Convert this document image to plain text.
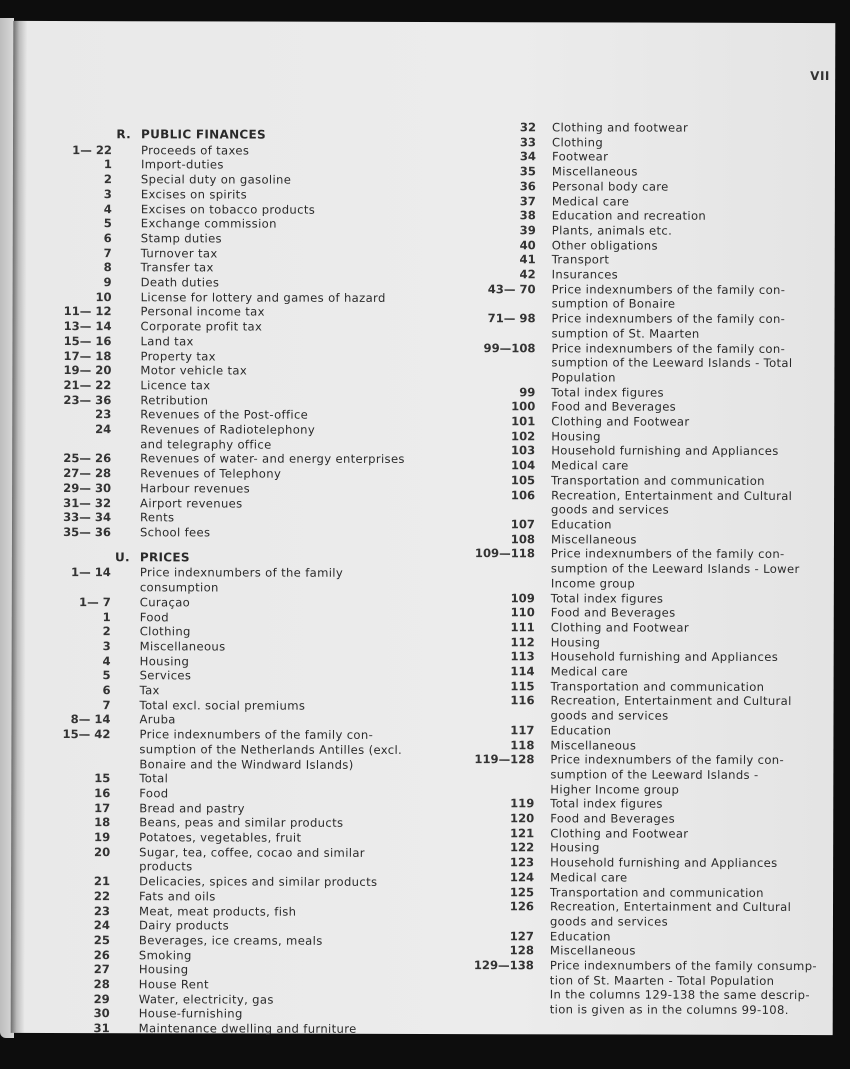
VII
R. PUBLIC FINANCES
1— 22	Proceeds of taxes
1	Import-duties
2	Special duty on gasoline
3	Excises on spirits
4	Excises on tobacco products
5	Exchange commission
6	Stamp duties
7	Turnover tax
8	Transfer tax
9	Death duties
10	License for lottery and games of hazard
11— 12	Personal income tax
13— 14	Corporate profit tax
15— 16	Land tax
17— 18	Property tax
19— 20	Motor vehicle tax
21— 22	Licence tax
23— 36	Retribution
23	Revenues of the Post-office
24	Revenues of Radiotelephony
and telegraphy office
25— 26	Revenues of water- and energy enterprises
27— 28	Revenues of Telephony
29— 30	Harbour revenues
31— 32	Airport revenues
33— 34	Rents
35— 36	School fees
U. PRICES
1— 14	Price indexnumbers of the family
consumption
1— 7	Curaçao
1	Food
2	Clothing
3	Miscellaneous
4	Housing
5	Services
6	Tax
7	Total excl. social premiums
8— 14	Aruba
15— 42	Price indexnumbers of the family con-
sumption of the Netherlands Antilles (excl.
Bonaire and the Windward Islands)
15	Total
16	Food
17	Bread and pastry
18	Beans, peas and similar products
19	Potatoes, vegetables, fruit
20	Sugar, tea, coffee, cocao and similar
products
21	Delicacies, spices and similar products
22	Fats and oils
23	Meat, meat products, fish
24	Dairy products
25	Beverages, ice creams, meals
26	Smoking
27	Housing
28	House Rent
29	Water, electricity, gas
30	House-furnishing
31	Maintenance dwelling and furniture
32	Clothing and footwear
33	Clothing
34	Footwear
35	Miscellaneous
36	Personal body care
37	Medical care
38	Education and recreation
39	Plants, animals etc.
40	Other obligations
41	Transport
42	Insurances
43— 70	Price indexnumbers of the family con-
sumption of Bonaire
71— 98	Price indexnumbers of the family con-
sumption of St. Maarten
99—108	Price indexnumbers of the family con-
sumption of the Leeward Islands - Total
Population
99	Total index figures
100	Food and Beverages
101	Clothing and Footwear
102	Housing
103	Household furnishing and Appliances
104	Medical care
105	Transportation and communication
106	Recreation, Entertainment and Cultural
goods and services
107	Education
108	Miscellaneous
109—118	Price indexnumbers of the family con-
sumption of the Leeward Islands - Lower
Income group
109	Total index figures
110	Food and Beverages
111	Clothing and Footwear
112	Housing
113	Household furnishing and Appliances
114	Medical care
115	Transportation and communication
116	Recreation, Entertainment and Cultural
goods and services
117	Education
118	Miscellaneous
119—128	Price indexnumbers of the family con-
sumption of the Leeward Islands -
Higher Income group
119	Total index figures
120	Food and Beverages
121	Clothing and Footwear
122	Housing
123	Household furnishing and Appliances
124	Medical care
125	Transportation and communication
126	Recreation, Entertainment and Cultural
goods and services
127	Education
128	Miscellaneous
129—138	Price indexnumbers of the family consump-
tion of St. Maarten - Total Population
In the columns 129-138 the same descrip-
tion is given as in the columns 99-108.
